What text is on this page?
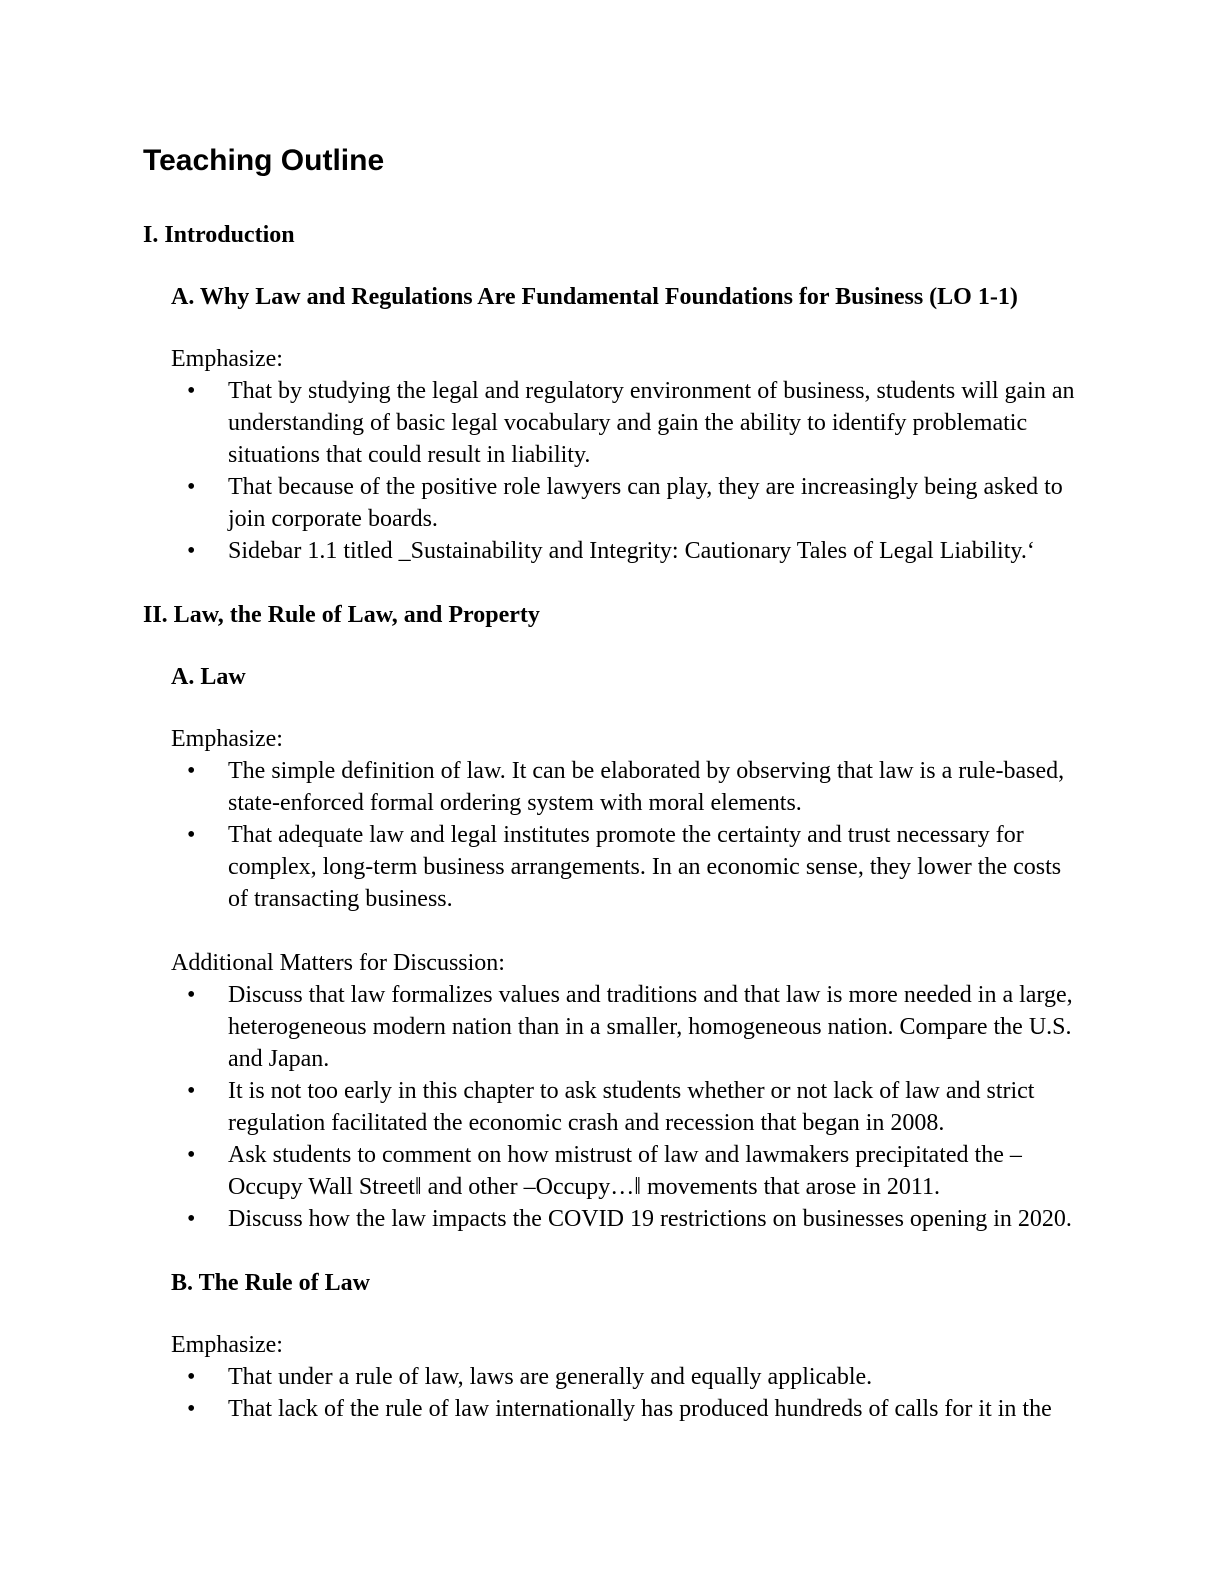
Teaching Outline
I. Introduction
A. Why Law and Regulations Are Fundamental Foundations for Business (LO 1-1)

Emphasize:

• That by studying the legal and regulatory environment of business, students will gain an understanding of basic legal vocabulary and gain the ability to identify problematic situations that could result in liability.
• That because of the positive role lawyers can play, they are increasingly being asked to join corporate boards.
• Sidebar 1.1 titled _Sustainability and Integrity: Cautionary Tales of Legal Liability.‘
II. Law, the Rule of Law, and Property
A. Law

Emphasize:

• The simple definition of law. It can be elaborated by observing that law is a rule-based, state-enforced formal ordering system with moral elements.
• That adequate law and legal institutes promote the certainty and trust necessary for complex, long-term business arrangements. In an economic sense, they lower the costs of transacting business.

Additional Matters for Discussion:

• Discuss that law formalizes values and traditions and that law is more needed in a large, heterogeneous modern nation than in a smaller, homogeneous nation. Compare the U.S. and Japan.
• It is not too early in this chapter to ask students whether or not lack of law and strict regulation facilitated the economic crash and recession that began in 2008.
• Ask students to comment on how mistrust of law and lawmakers precipitated the –Occupy Wall Street‖ and other –Occupy…‖ movements that arose in 2011.
• Discuss how the law impacts the COVID 19 restrictions on businesses opening in 2020.
B. The Rule of Law

Emphasize:

• That under a rule of law, laws are generally and equally applicable.
• That lack of the rule of law internationally has produced hundreds of calls for it in the
